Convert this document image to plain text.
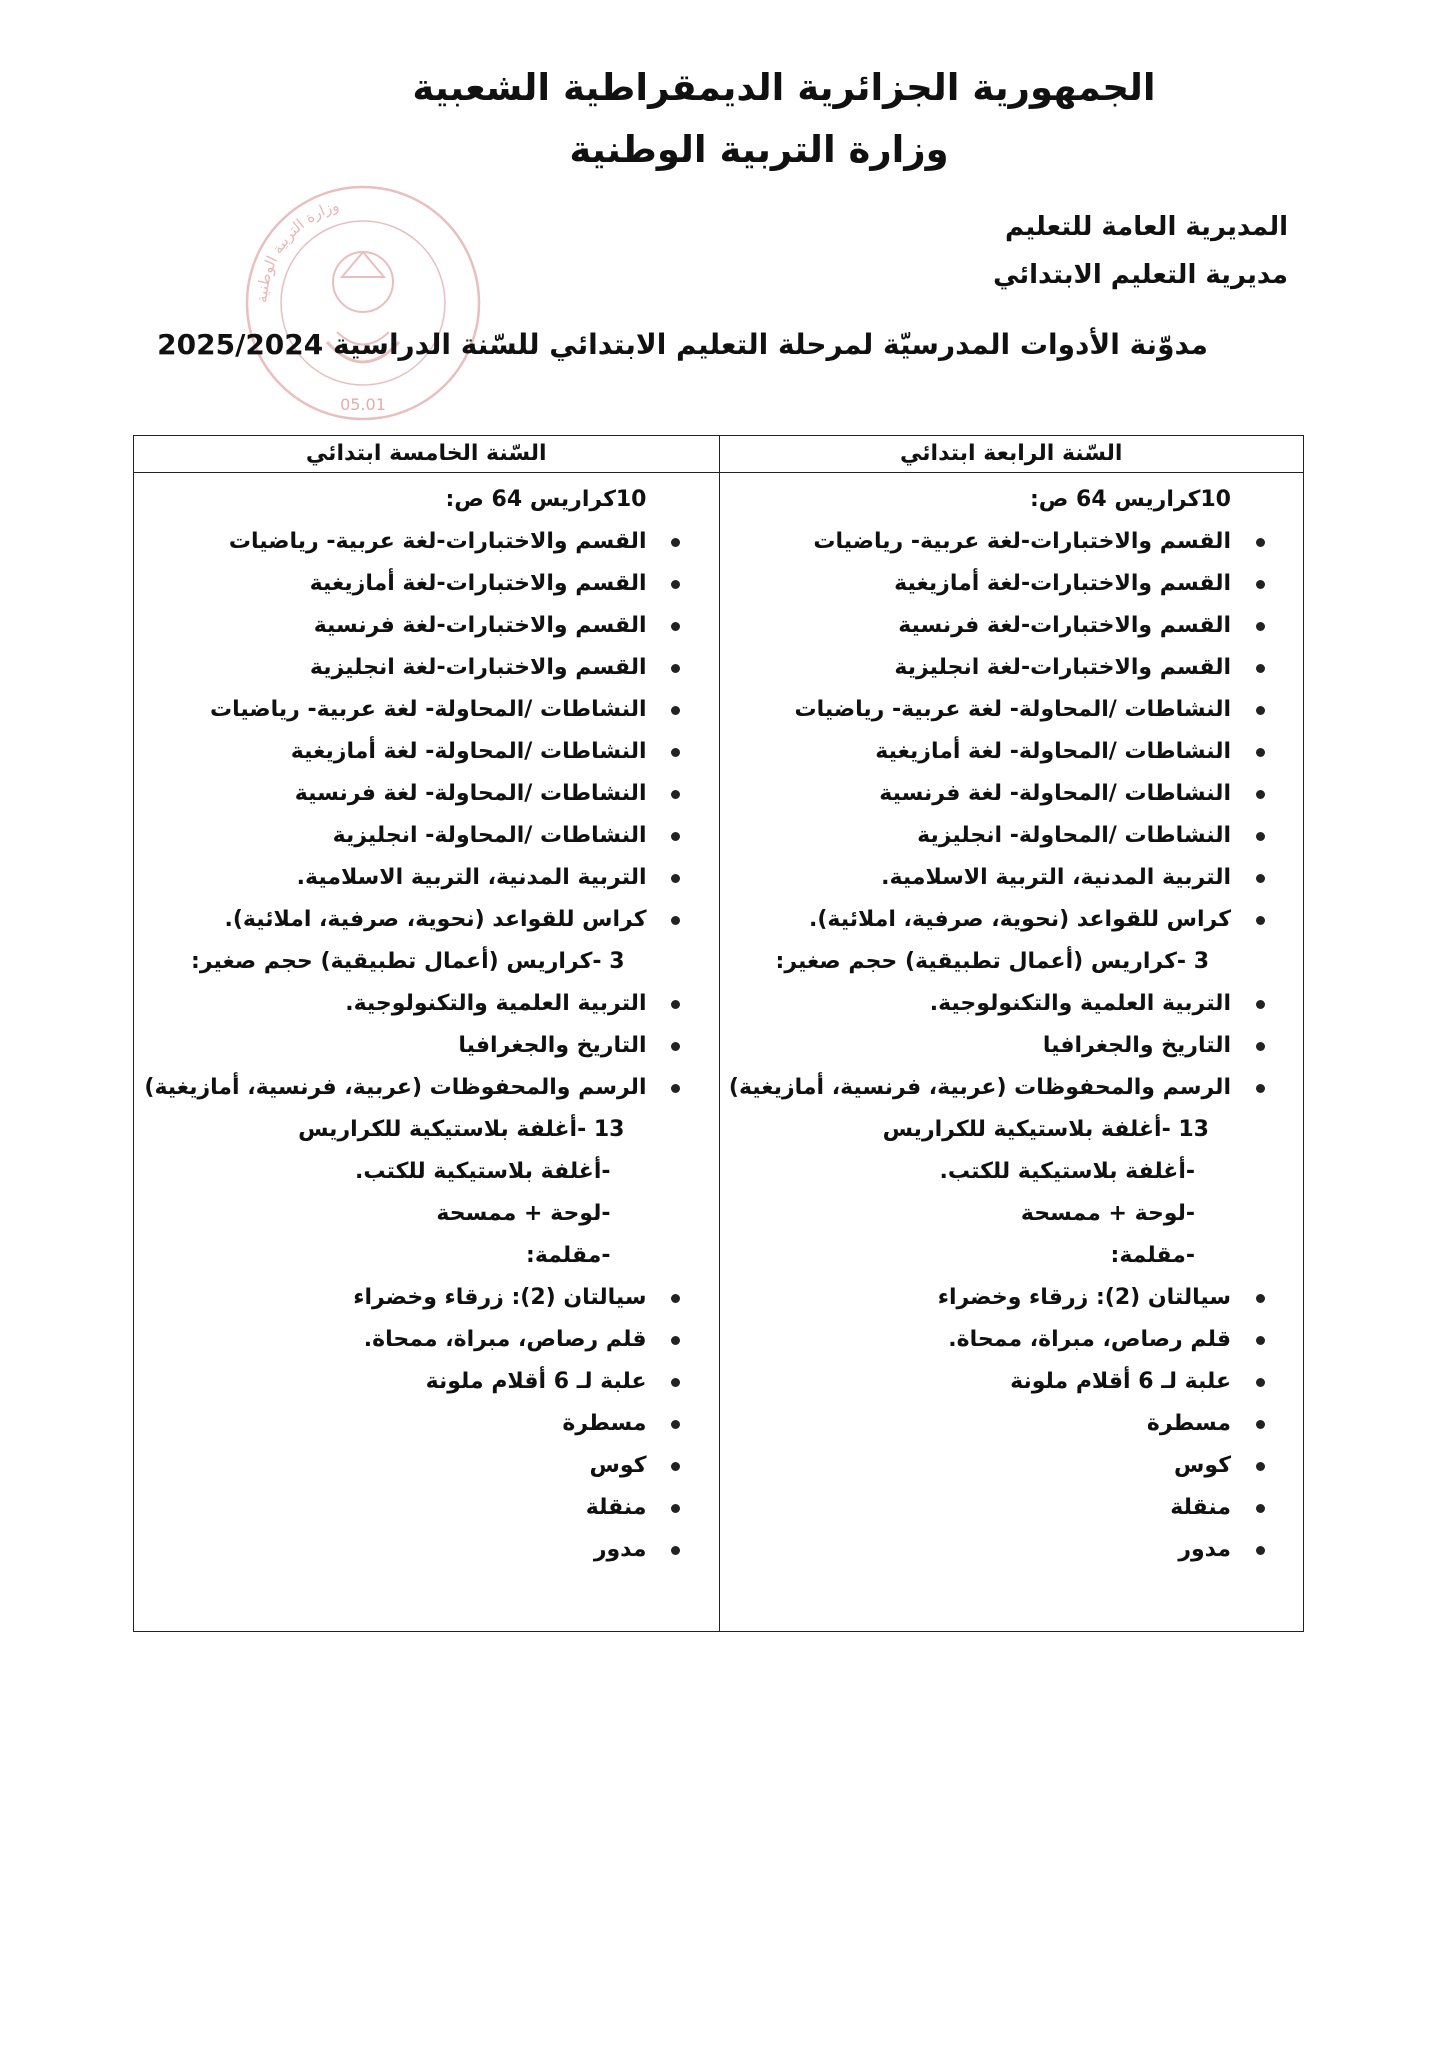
الجمهورية الجزائرية الديمقراطية الشعبية
وزارة التربية الوطنية
المديرية العامة للتعليم
مديرية التعليم الابتدائي
وزارة التربية الوطنية
05.01
مدوّنة الأدوات المدرسيّة لمرحلة التعليم الابتدائي للسّنة الدراسية 2025/2024
السّنة الرابعة ابتدائي
10كراريس 64 ص:
القسم والاختبارات-لغة عربية- رياضيات
القسم والاختبارات-لغة أمازيغية
القسم والاختبارات-لغة فرنسية
القسم والاختبارات-لغة انجليزية
النشاطات /المحاولة- لغة عربية- رياضيات
النشاطات /المحاولة- لغة أمازيغية
النشاطات /المحاولة- لغة فرنسية
النشاطات /المحاولة- انجليزية
التربية المدنية، التربية الاسلامية.
كراس للقواعد (نحوية، صرفية، املائية).
3 -كراريس (أعمال تطبيقية) حجم صغير:
التربية العلمية والتكنولوجية.
التاريخ والجغرافيا
الرسم والمحفوظات (عربية، فرنسية، أمازيغية)
13 -أغلفة بلاستيكية للكراريس
-أغلفة بلاستيكية للكتب.
-لوحة + ممسحة
-مقلمة:
سيالتان (2): زرقاء وخضراء
قلم رصاص، مبراة، ممحاة.
علبة لـ 6 أقلام ملونة
مسطرة
كوس
منقلة
مدور
السّنة الخامسة ابتدائي
10كراريس 64 ص:
القسم والاختبارات-لغة عربية- رياضيات
القسم والاختبارات-لغة أمازيغية
القسم والاختبارات-لغة فرنسية
القسم والاختبارات-لغة انجليزية
النشاطات /المحاولة- لغة عربية- رياضيات
النشاطات /المحاولة- لغة أمازيغية
النشاطات /المحاولة- لغة فرنسية
النشاطات /المحاولة- انجليزية
التربية المدنية، التربية الاسلامية.
كراس للقواعد (نحوية، صرفية، املائية).
3 -كراريس (أعمال تطبيقية) حجم صغير:
التربية العلمية والتكنولوجية.
التاريخ والجغرافيا
الرسم والمحفوظات (عربية، فرنسية، أمازيغية)
13 -أغلفة بلاستيكية للكراريس
-أغلفة بلاستيكية للكتب.
-لوحة + ممسحة
-مقلمة:
سيالتان (2): زرقاء وخضراء
قلم رصاص، مبراة، ممحاة.
علبة لـ 6 أقلام ملونة
مسطرة
كوس
منقلة
مدور
